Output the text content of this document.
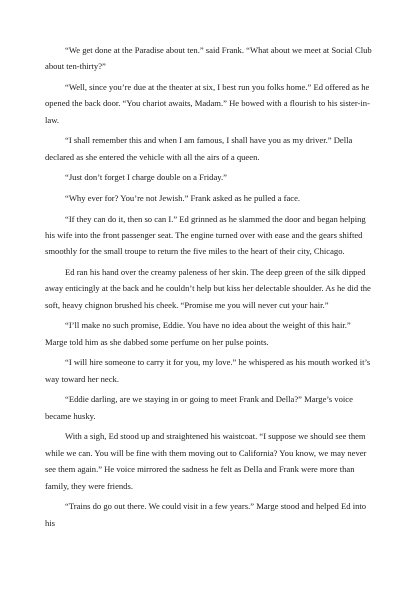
“We get done at the Paradise about ten.” said Frank. “What about we meet at Social Club about ten-thirty?”

“Well, since you’re due at the theater at six, I best run you folks home.” Ed offered as he opened the back door. “You chariot awaits, Madam.” He bowed with a flourish to his sister-in-law.

“I shall remember this and when I am famous, I shall have you as my driver.” Della declared as she entered the vehicle with all the airs of a queen.

“Just don’t forget I charge double on a Friday.”

“Why ever for? You’re not Jewish.” Frank asked as he pulled a face.

“If they can do it, then so can I.” Ed grinned as he slammed the door and began helping his wife into the front passenger seat. The engine turned over with ease and the gears shifted smoothly for the small troupe to return the five miles to the heart of their city, Chicago.

Ed ran his hand over the creamy paleness of her skin. The deep green of the silk dipped away enticingly at the back and he couldn’t help but kiss her delectable shoulder. As he did the soft, heavy chignon brushed his cheek. “Promise me you will never cut your hair.”

“I’ll make no such promise, Eddie. You have no idea about the weight of this hair.” Marge told him as she dabbed some perfume on her pulse points.

“I will hire someone to carry it for you, my love.” he whispered as his mouth worked it’s way toward her neck.

“Eddie darling, are we staying in or going to meet Frank and Della?” Marge’s voice became husky.

With a sigh, Ed stood up and straightened his waistcoat. “I suppose we should see them while we can. You will be fine with them moving out to California? You know, we may never see them again.” He voice mirrored the sadness he felt as Della and Frank were more than family, they were friends.

“Trains do go out there. We could visit in a few years.” Marge stood and helped Ed into his
